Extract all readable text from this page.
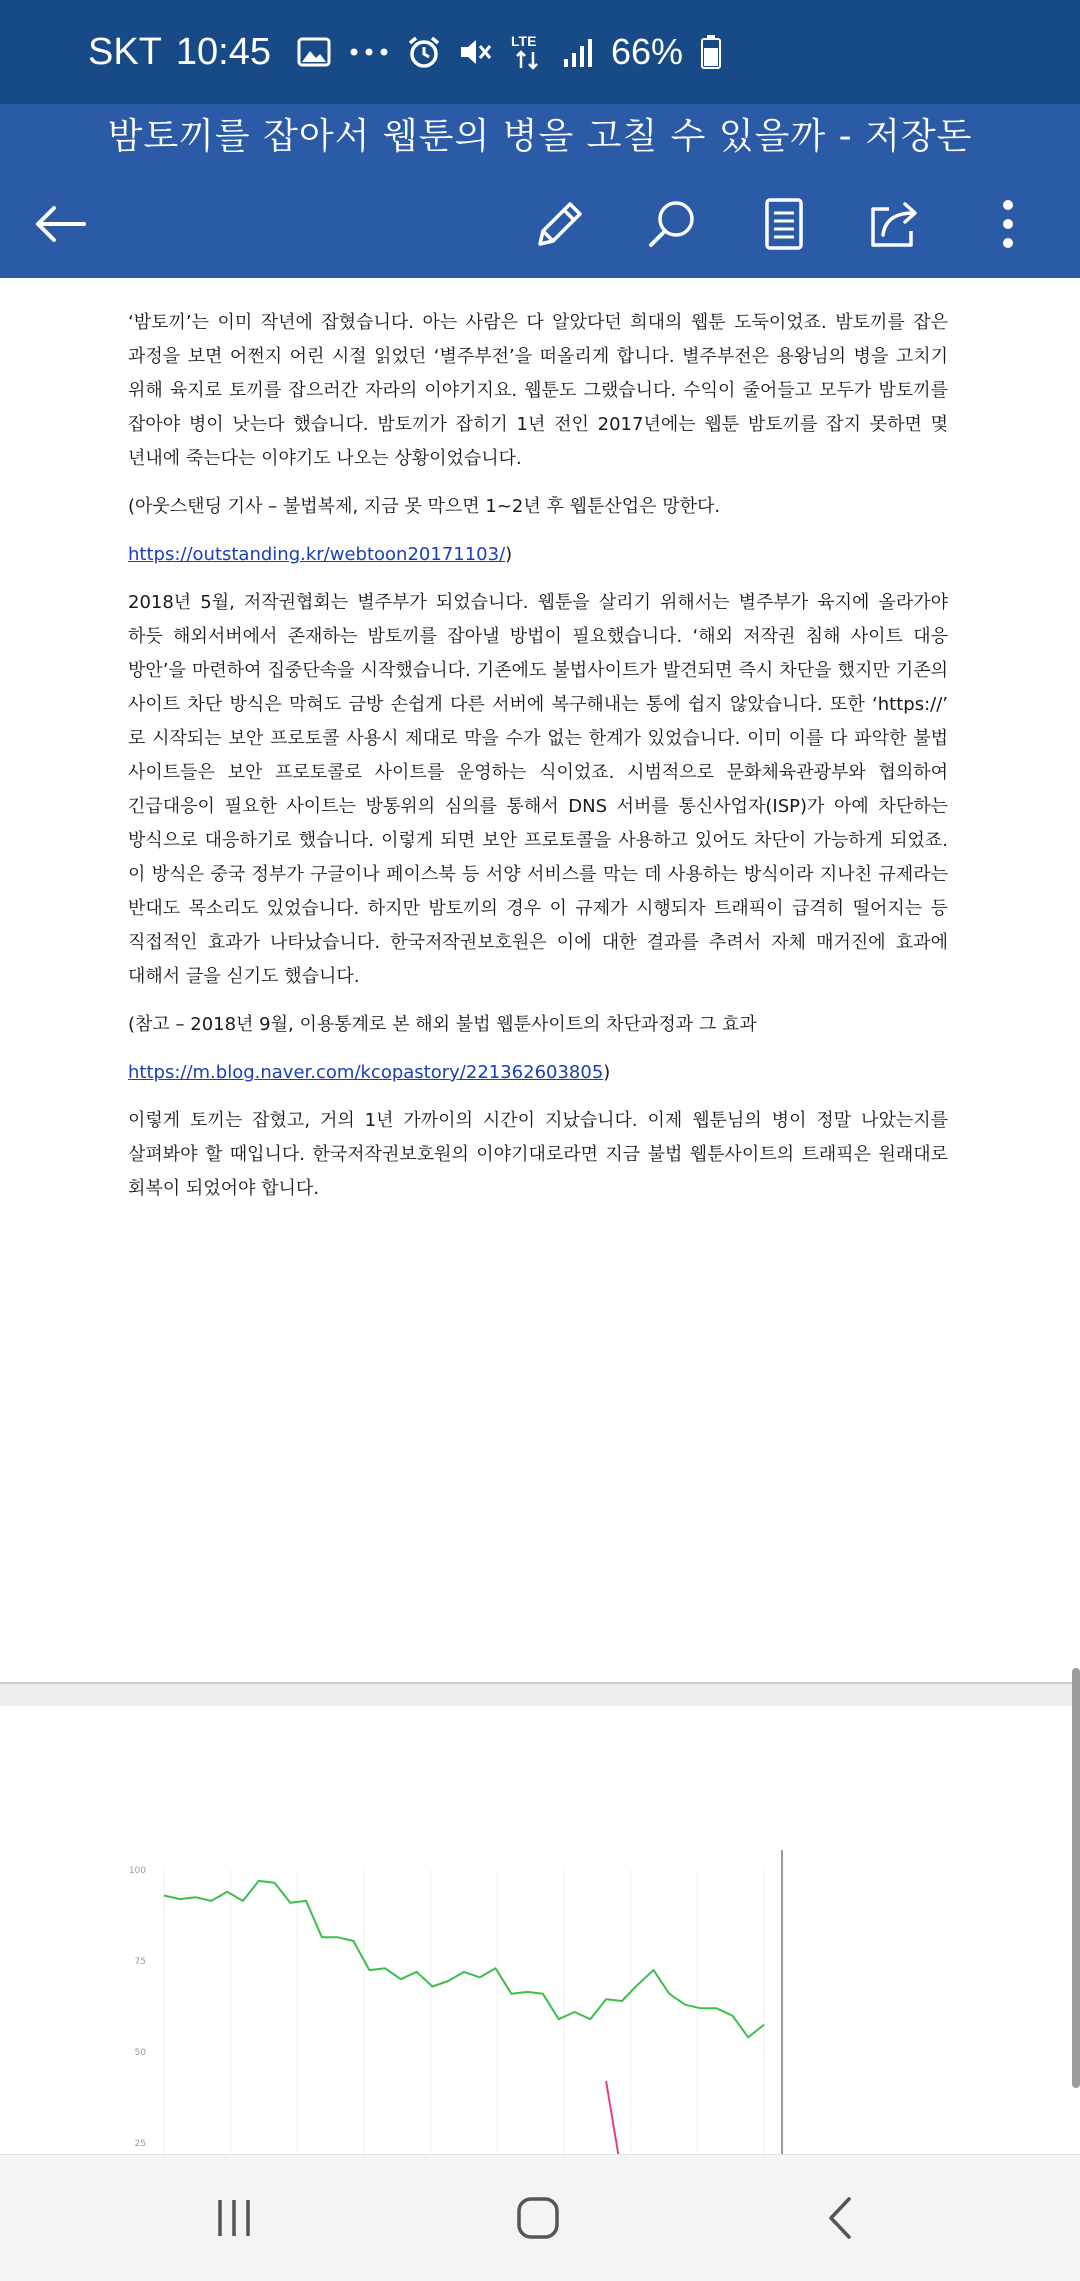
SKT 10:45	LTE 66%
밤토끼를 잡아서 웹툰의 병을 고칠 수 있을까 - 저장돈

‘밤토끼’는 이미 작년에 잡혔습니다. 아는 사람은 다 알았다던 희대의 웹툰 도둑이었죠. 밤토끼를 잡은 과정을 보면 어쩐지 어린 시절 읽었던 ‘별주부전’을 떠올리게 합니다. 별주부전은 용왕님의 병을 고치기 위해 육지로 토끼를 잡으러간 자라의 이야기지요. 웹툰도 그랬습니다. 수익이 줄어들고 모두가 밤토끼를 잡아야 병이 낫는다 했습니다. 밤토끼가 잡히기 1년 전인 2017년에는 웹툰 밤토끼를 잡지 못하면 몇 년내에 죽는다는 이야기도 나오는 상황이었습니다.

(아웃스탠딩 기사 – 불법복제, 지금 못 막으면 1~2년 후 웹툰산업은 망한다.

https://outstanding.kr/webtoon20171103/)

2018년 5월, 저작권협회는 별주부가 되었습니다. 웹툰을 살리기 위해서는 별주부가 육지에 올라가야 하듯 해외서버에서 존재하는 밤토끼를 잡아낼 방법이 필요했습니다. ‘해외 저작권 침해 사이트 대응 방안’을 마련하여 집중단속을 시작했습니다. 기존에도 불법사이트가 발견되면 즉시 차단을 했지만 기존의 사이트 차단 방식은 막혀도 금방 손쉽게 다른 서버에 복구해내는 통에 쉽지 않았습니다. 또한 ‘https://’ 로 시작되는 보안 프로토콜 사용시 제대로 막을 수가 없는 한계가 있었습니다. 이미 이를 다 파악한 불법 사이트들은 보안 프로토콜로 사이트를 운영하는 식이었죠. 시범적으로 문화체육관광부와 협의하여 긴급대응이 필요한 사이트는 방통위의 심의를 통해서 DNS 서버를 통신사업자(ISP)가 아예 차단하는 방식으로 대응하기로 했습니다. 이렇게 되면 보안 프로토콜을 사용하고 있어도 차단이 가능하게 되었죠. 이 방식은 중국 정부가 구글이나 페이스북 등 서양 서비스를 막는 데 사용하는 방식이라 지나친 규제라는 반대도 목소리도 있었습니다. 하지만 밤토끼의 경우 이 규제가 시행되자 트래픽이 급격히 떨어지는 등 직접적인 효과가 나타났습니다. 한국저작권보호원은 이에 대한 결과를 추려서 자체 매거진에 효과에 대해서 글을 싣기도 했습니다.

(참고 – 2018년 9월, 이용통계로 본 해외 불법 웹툰사이트의 차단과정과 그 효과

https://m.blog.naver.com/kcopastory/221362603805)

이렇게 토끼는 잡혔고, 거의 1년 가까이의 시간이 지났습니다. 이제 웹툰님의 병이 정말 나았는지를 살펴봐야 할 때입니다. 한국저작권보호원의 이야기대로라면 지금 불법 웹툰사이트의 트래픽은 원래대로 회복이 되었어야 합니다.

100
75
50
25
